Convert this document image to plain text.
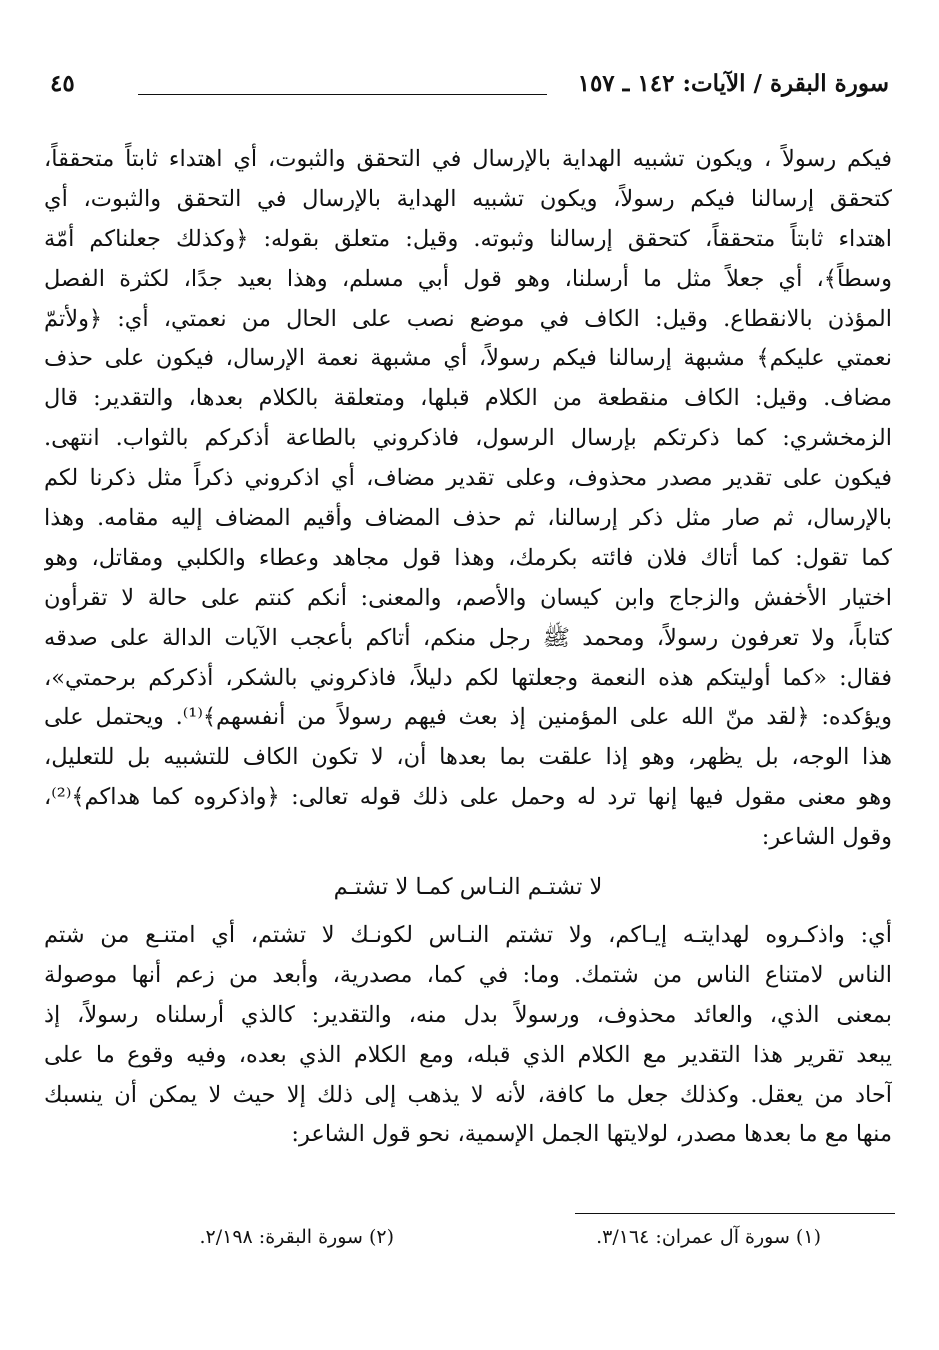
سورة البقرة / الآيات: ١٤٢ ـ ١٥٧
٤٥
فيكم رسولاً ، ويكون تشبيه الهداية بالإرسال في التحقق والثبوت، أي اهتداء ثابتاً متحققاً،
كتحقق إرسالنا فيكم رسولاً، ويكون تشبيه الهداية بالإرسال في التحقق والثبوت، أي
اهتداء ثابتاً متحققاً، كتحقق إرسالنا وثبوته. وقيل: متعلق بقوله: ﴿وكذلك جعلناكم أمّة
وسطاً﴾، أي جعلاً مثل ما أرسلنا، وهو قول أبي مسلم، وهذا بعيد جدًا، لكثرة الفصل
المؤذن بالانقطاع. وقيل: الكاف في موضع نصب على الحال من نعمتي، أي: ﴿ولأتمّ
نعمتي عليكم﴾ مشبهة إرسالنا فيكم رسولاً، أي مشبهة نعمة الإرسال، فيكون على حذف
مضاف. وقيل: الكاف منقطعة من الكلام قبلها، ومتعلقة بالكلام بعدها، والتقدير: قال
الزمخشري: كما ذكرتكم بإرسال الرسول، فاذكروني بالطاعة أذكركم بالثواب. انتهى.
فيكون على تقدير مصدر محذوف، وعلى تقدير مضاف، أي اذكروني ذكراً مثل ذكرنا لكم
بالإرسال، ثم صار مثل ذكر إرسالنا، ثم حذف المضاف وأقيم المضاف إليه مقامه. وهذا
كما تقول: كما أتاك فلان فائته بكرمك، وهذا قول مجاهد وعطاء والكلبي ومقاتل، وهو
اختيار الأخفش والزجاج وابن كيسان والأصم، والمعنى: أنكم كنتم على حالة لا تقرأون
كتاباً، ولا تعرفون رسولاً، ومحمد ﷺ رجل منكم، أتاكم بأعجب الآيات الدالة على صدقه
فقال: «كما أوليتكم هذه النعمة وجعلتها لكم دليلاً، فاذكروني بالشكر، أذكركم برحمتي»،
ويؤكده: ﴿لقد منّ الله على المؤمنين إذ بعث فيهم رسولاً من أنفسهم﴾⁽¹⁾. ويحتمل على
هذا الوجه، بل يظهر، وهو إذا علقت بما بعدها أن، لا تكون الكاف للتشبيه بل للتعليل،
وهو معنى مقول فيها إنها ترد له وحمل على ذلك قوله تعالى: ﴿واذكروه كما هداكم﴾⁽²⁾،
وقول الشاعر:
لا تشتـم النـاس كمـا لا تشتـم
أي: واذكـروه لهدايتـه إيـاكم، ولا تشتم النـاس لكونـك لا تشتم، أي امتنـع من شتم
الناس لامتناع الناس من شتمك. وما: في كما، مصدرية، وأبعد من زعم أنها موصولة
بمعنى الذي، والعائد محذوف، ورسولاً بدل منه، والتقدير: كالذي أرسلناه رسولاً، إذ
يبعد تقرير هذا التقدير مع الكلام الذي قبله، ومع الكلام الذي بعده، وفيه وقوع ما على
آحاد من يعقل. وكذلك جعل ما كافة، لأنه لا يذهب إلى ذلك إلا حيث لا يمكن أن ينسبك
منها مع ما بعدها مصدر، لولايتها الجمل الإسمية، نحو قول الشاعر:
(١) سورة آل عمران: ٣/١٦٤. (٢) سورة البقرة: ٢/١٩٨.
